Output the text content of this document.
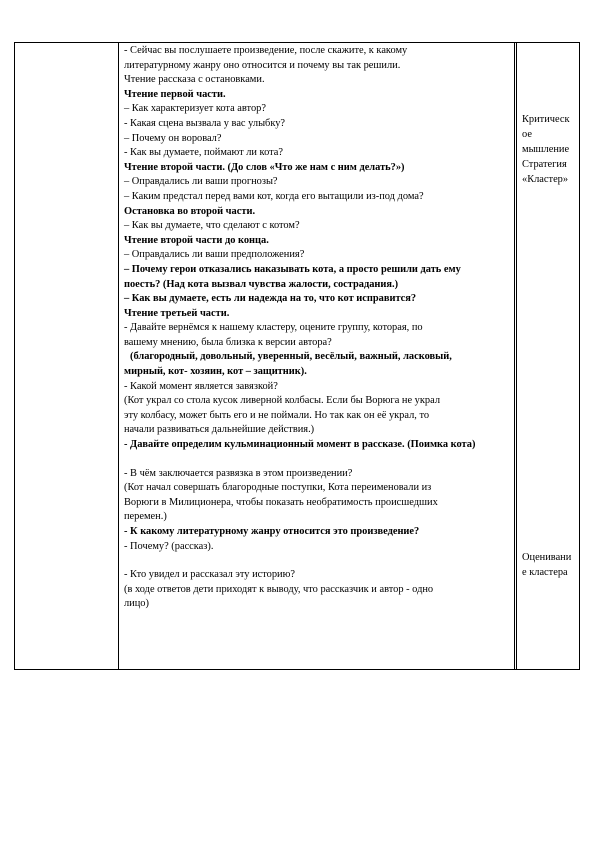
- Сейчас вы послушаете произведение, после скажите, к какому

литературному жанру оно относится и почему вы так решили.

Чтение рассказа с остановками.

Чтение первой части.

– Как характеризует кота автор?

- Какая сцена вызвала у вас улыбку?

– Почему он воровал?

- Как вы думаете, поймают ли кота?

Чтение второй части. (До слов «Что же нам с ним делать?»)

– Оправдались ли ваши прогнозы?

– Каким предстал перед вами кот, когда его вытащили из-под дома?

Остановка во второй части.

– Как вы думаете, что сделают с котом?

Чтение второй части до конца.

– Оправдались ли ваши предположения?

– Почему герои отказались наказывать кота, а просто решили дать ему

поесть? (Над кота вызвал чувства жалости, сострадания.)

– Как вы думаете, есть ли надежда на то, что кот исправится?

Чтение третьей части.

- Давайте вернёмся к нашему кластеру, оцените группу, которая, по

вашему мнению, была близка к версии автора?

(благородный, довольный, уверенный, весёлый, важный, ласковый,

мирный, кот- хозяин, кот – защитник).

- Какой момент является завязкой?

(Кот украл со стола кусок ливерной колбасы. Если бы Ворюга не украл

эту колбасу, может быть его и не поймали. Но так как он её украл, то

начали развиваться дальнейшие действия.)

- Давайте определим кульминационный момент в рассказе. (Поимка кота)

- В чём заключается развязка в этом произведении?

(Кот начал совершать благородные поступки, Кота переименовали из

Ворюги в Милиционера, чтобы показать необратимость происшедших

перемен.)

- К какому литературному жанру относится это произведение?

- Почему? (рассказ).

- Кто увидел и рассказал эту историю?

(в ходе ответов дети приходят к выводу, что рассказчик и автор - одно

лицо)

Критическ

ое

мышление

Стратегия

«Кластер»

Оценивани

е кластера
